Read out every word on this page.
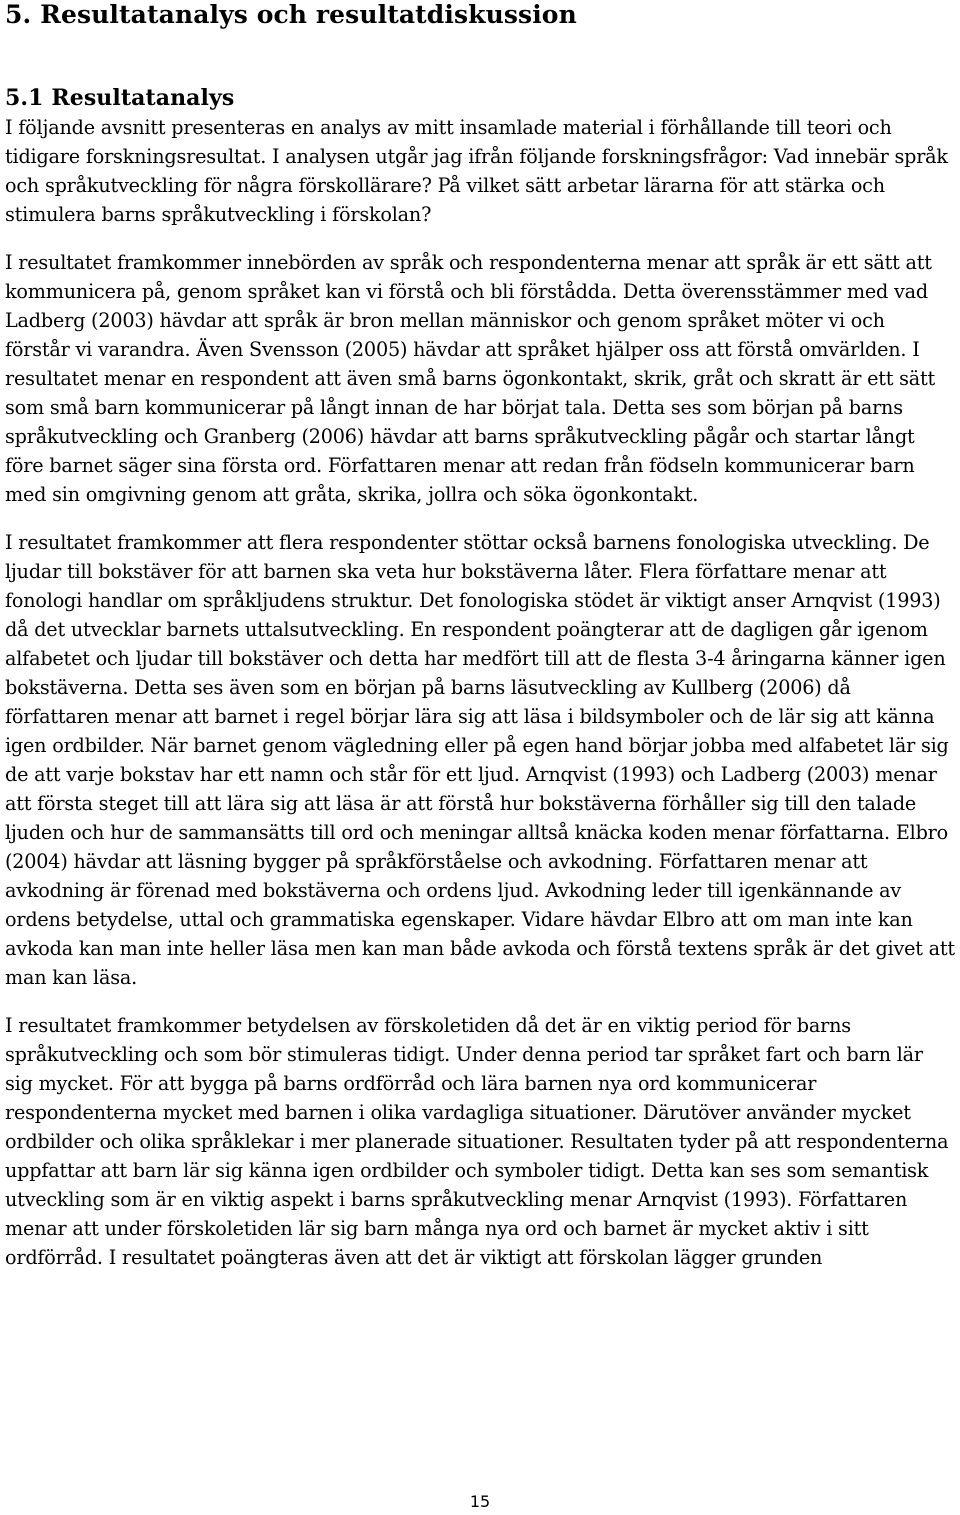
5. Resultatanalys och resultatdiskussion
5.1 Resultatanalys

I följande avsnitt presenteras en analys av mitt insamlade material i förhållande till teori och tidigare forskningsresultat. I analysen utgår jag ifrån följande forskningsfrågor: Vad innebär språk och språkutveckling för några förskollärare? På vilket sätt arbetar lärarna för att stärka och stimulera barns språkutveckling i förskolan?

I resultatet framkommer innebörden av språk och respondenterna menar att språk är ett sätt att kommunicera på, genom språket kan vi förstå och bli förstådda. Detta överensstämmer med vad Ladberg (2003) hävdar att språk är bron mellan människor och genom språket möter vi och förstår vi varandra. Även Svensson (2005) hävdar att språket hjälper oss att förstå omvärlden. I resultatet menar en respondent att även små barns ögonkontakt, skrik, gråt och skratt är ett sätt som små barn kommunicerar på långt innan de har börjat tala. Detta ses som början på barns språkutveckling och Granberg (2006) hävdar att barns språkutveckling pågår och startar långt före barnet säger sina första ord. Författaren menar att redan från födseln kommunicerar barn med sin omgivning genom att gråta, skrika, jollra och söka ögonkontakt.

I resultatet framkommer att flera respondenter stöttar också barnens fonologiska utveckling. De ljudar till bokstäver för att barnen ska veta hur bokstäverna låter. Flera författare menar att fonologi handlar om språkljudens struktur. Det fonologiska stödet är viktigt anser Arnqvist (1993) då det utvecklar barnets uttalsutveckling. En respondent poängterar att de dagligen går igenom alfabetet och ljudar till bokstäver och detta har medfört till att de flesta 3-4 åringarna känner igen bokstäverna. Detta ses även som en början på barns läsutveckling av Kullberg (2006) då författaren menar att barnet i regel börjar lära sig att läsa i bildsymboler och de lär sig att känna igen ordbilder. När barnet genom vägledning eller på egen hand börjar jobba med alfabetet lär sig de att varje bokstav har ett namn och står för ett ljud. Arnqvist (1993) och Ladberg (2003) menar att första steget till att lära sig att läsa är att förstå hur bokstäverna förhåller sig till den talade ljuden och hur de sammansätts till ord och meningar alltså knäcka koden menar författarna. Elbro (2004) hävdar att läsning bygger på språkförståelse och avkodning. Författaren menar att avkodning är förenad med bokstäverna och ordens ljud. Avkodning leder till igenkännande av ordens betydelse, uttal och grammatiska egenskaper. Vidare hävdar Elbro att om man inte kan avkoda kan man inte heller läsa men kan man både avkoda och förstå textens språk är det givet att man kan läsa.

I resultatet framkommer betydelsen av förskoletiden då det är en viktig period för barns språkutveckling och som bör stimuleras tidigt. Under denna period tar språket fart och barn lär sig mycket. För att bygga på barns ordförråd och lära barnen nya ord kommunicerar respondenterna mycket med barnen i olika vardagliga situationer. Därutöver använder mycket ordbilder och olika språklekar i mer planerade situationer. Resultaten tyder på att respondenterna uppfattar att barn lär sig känna igen ordbilder och symboler tidigt. Detta kan ses som semantisk utveckling som är en viktig aspekt i barns språkutveckling menar Arnqvist (1993). Författaren menar att under förskoletiden lär sig barn många nya ord och barnet är mycket aktiv i sitt ordförråd. I resultatet poängteras även att det är viktigt att förskolan lägger grunden

15
